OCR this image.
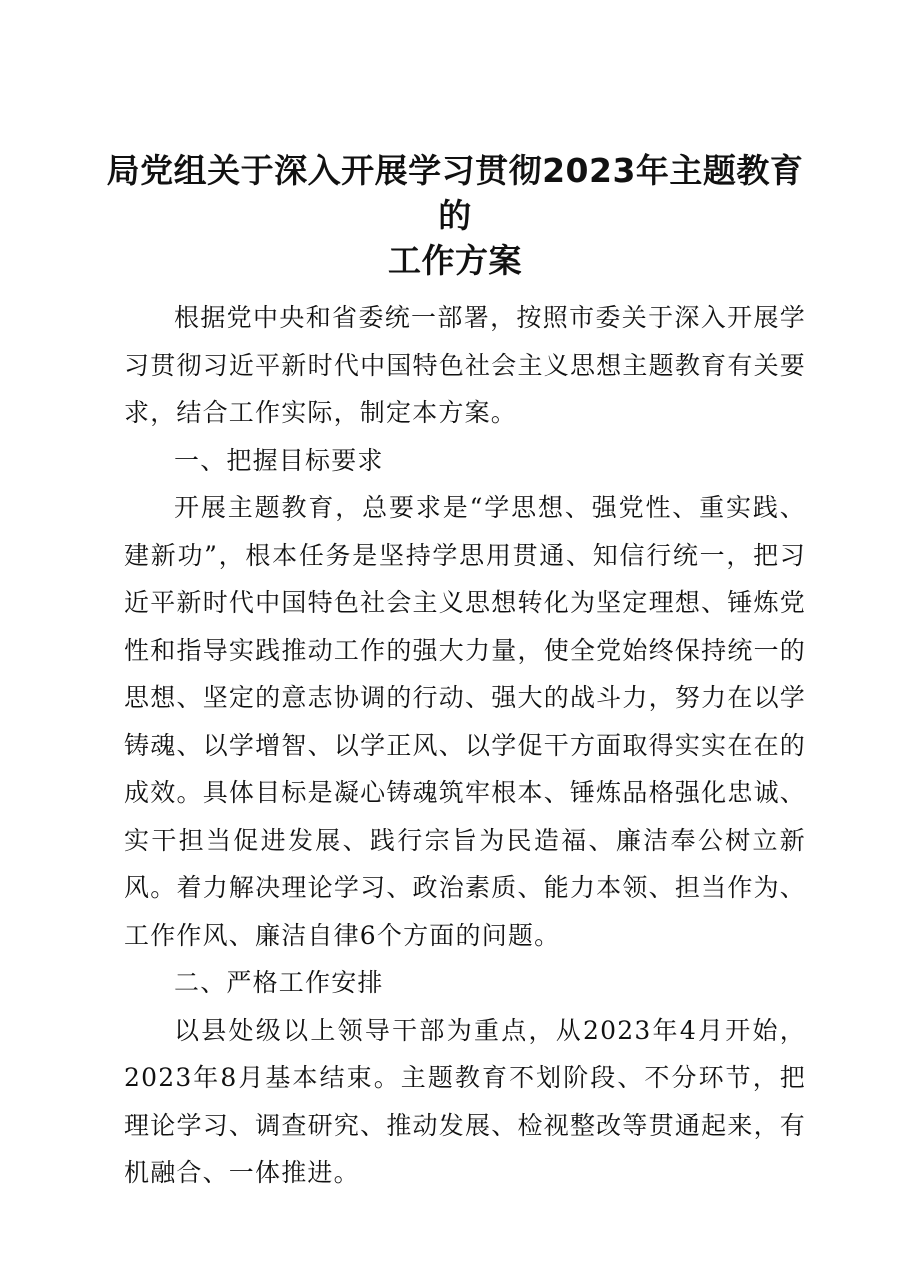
局党组关于深入开展学习贯彻2023年主题教育的
工作方案

根据党中央和省委统一部署，按照市委关于深入开展学习贯彻习近平新时代中国特色社会主义思想主题教育有关要求，结合工作实际，制定本方案。

一、把握目标要求

开展主题教育，总要求是“学思想、强党性、重实践、建新功”，根本任务是坚持学思用贯通、知信行统一，把习近平新时代中国特色社会主义思想转化为坚定理想、锤炼党性和指导实践推动工作的强大力量，使全党始终保持统一的思想、坚定的意志协调的行动、强大的战斗力，努力在以学铸魂、以学增智、以学正风、以学促干方面取得实实在在的成效。具体目标是凝心铸魂筑牢根本、锤炼品格强化忠诚、实干担当促进发展、践行宗旨为民造福、廉洁奉公树立新风。着力解决理论学习、政治素质、能力本领、担当作为、工作作风、廉洁自律6个方面的问题。

二、严格工作安排

以县处级以上领导干部为重点，从2023年4月开始，2023年8月基本结束。主题教育不划阶段、不分环节，把理论学习、调查研究、推动发展、检视整改等贯通起来，有机融合、一体推进。
